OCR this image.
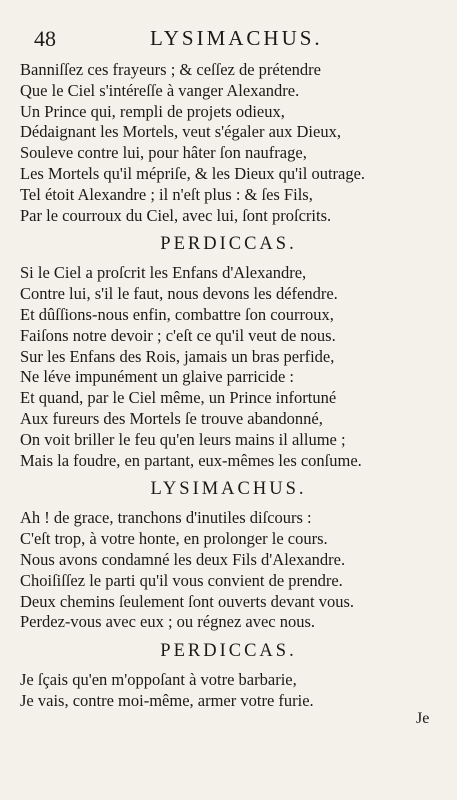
48	LYSIMACHUS.
Banniſſez ces frayeurs ; & ceſſez de prétendre
Que le Ciel s'intéreſſe à vanger Alexandre.
Un Prince qui, rempli de projets odieux,
Dédaignant les Mortels, veut s'égaler aux Dieux,
Souleve contre lui, pour hâter ſon naufrage,
Les Mortels qu'il mépriſe, & les Dieux qu'il outrage.
Tel étoit Alexandre ; il n'eſt plus : & ſes Fils,
Par le courroux du Ciel, avec lui, ſont proſcrits.
PERDICCAS.
Si le Ciel a proſcrit les Enfans d'Alexandre,
Contre lui, s'il le faut, nous devons les défendre.
Et dûſſions-nous enfin, combattre ſon courroux,
Faiſons notre devoir ; c'eſt ce qu'il veut de nous.
Sur les Enfans des Rois, jamais un bras perfide,
Ne léve impunément un glaive parricide :
Et quand, par le Ciel même, un Prince infortuné
Aux fureurs des Mortels ſe trouve abandonné,
On voit briller le feu qu'en leurs mains il allume ;
Mais la foudre, en partant, eux-mêmes les conſume.
LYSIMACHUS.
Ah ! de grace, tranchons d'inutiles diſcours :
C'eſt trop, à votre honte, en prolonger le cours.
Nous avons condamné les deux Fils d'Alexandre.
Choiſiſſez le parti qu'il vous convient de prendre.
Deux chemins ſeulement ſont ouverts devant vous.
Perdez-vous avec eux ; ou régnez avec nous.
PERDICCAS.
Je ſçais qu'en m'oppoſant à votre barbarie,
Je vais, contre moi-même, armer votre furie.
Je
